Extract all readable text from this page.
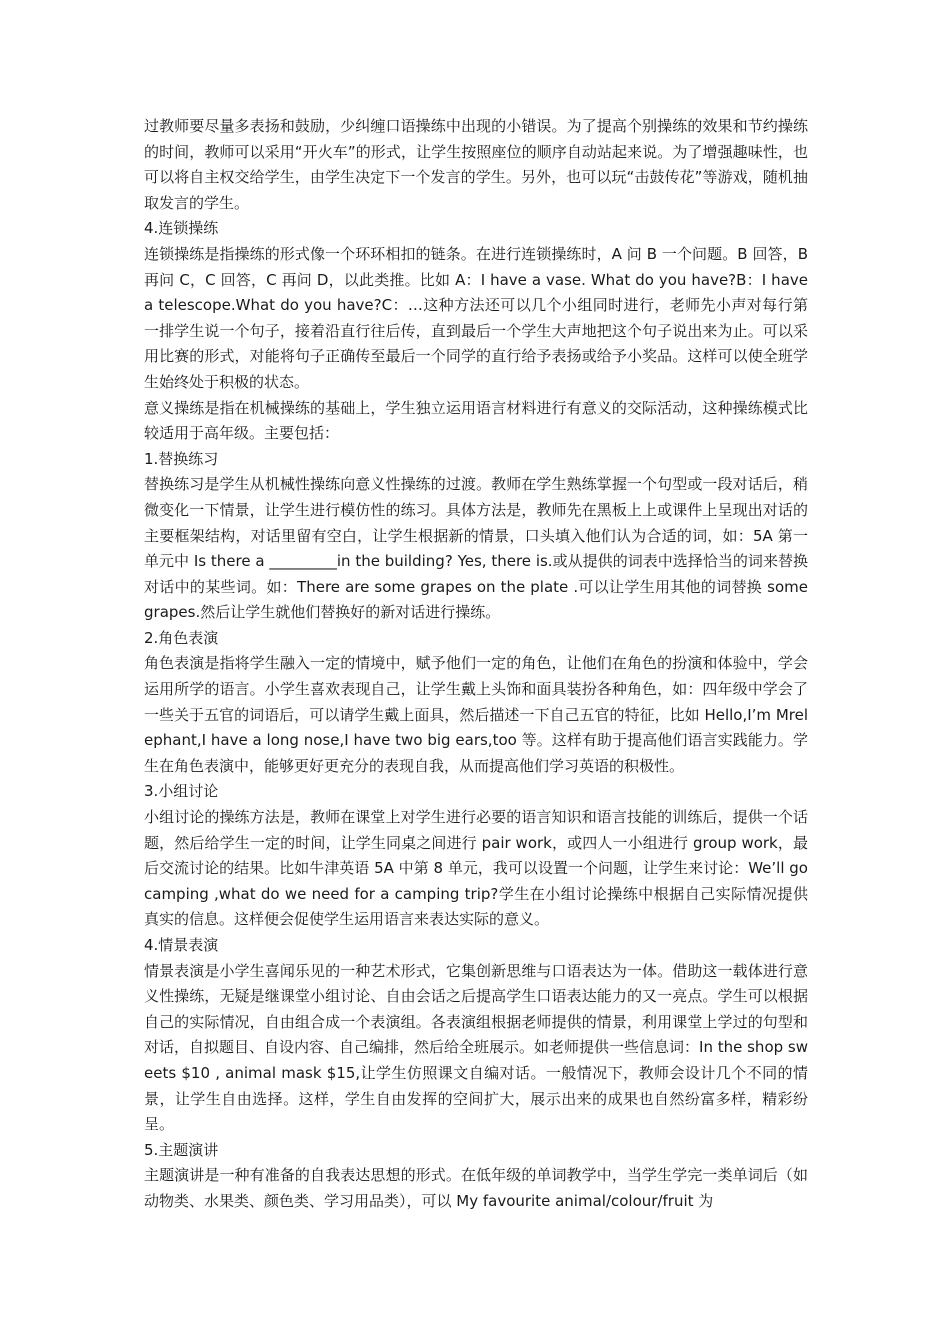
过教师要尽量多表扬和鼓励，少纠缠口语操练中出现的小错误。为了提高个别操练的效果和节约操练的时间，教师可以采用“开火车”的形式，让学生按照座位的顺序自动站起来说。为了增强趣味性，也可以将自主权交给学生，由学生决定下一个发言的学生。另外，也可以玩“击鼓传花”等游戏，随机抽取发言的学生。

4.连锁操练

连锁操练是指操练的形式像一个环环相扣的链条。在进行连锁操练时，A 问 B 一个问题。B 回答，B 再问 C，C 回答，C 再问 D，以此类推。比如 A：I have a vase. What do you have?B：I have a telescope.What do you have?C：…这种方法还可以几个小组同时进行，老师先小声对每行第一排学生说一个句子，接着沿直行往后传，直到最后一个学生大声地把这个句子说出来为止。可以采用比赛的形式，对能将句子正确传至最后一个同学的直行给予表扬或给予小奖品。这样可以使全班学生始终处于积极的状态。

意义操练是指在机械操练的基础上，学生独立运用语言材料进行有意义的交际活动，这种操练模式比较适用于高年级。主要包括：

1.替换练习

替换练习是学生从机械性操练向意义性操练的过渡。教师在学生熟练掌握一个句型或一段对话后，稍微变化一下情景，让学生进行模仿性的练习。具体方法是，教师先在黑板上上或课件上呈现出对话的主要框架结构，对话里留有空白，让学生根据新的情景，口头填入他们认为合适的词，如：5A 第一单元中 Is there a _________in the building? Yes, there is.或从提供的词表中选择恰当的词来替换对话中的某些词。如：There are some grapes on the plate .可以让学生用其他的词替换 some grapes.然后让学生就他们替换好的新对话进行操练。

2.角色表演

角色表演是指将学生融入一定的情境中，赋予他们一定的角色，让他们在角色的扮演和体验中，学会运用所学的语言。小学生喜欢表现自己，让学生戴上头饰和面具装扮各种角色，如：四年级中学会了一些关于五官的词语后，可以请学生戴上面具，然后描述一下自己五官的特征，比如 Hello,I’m Mrelephant,I have a long nose,I have two big ears,too 等。这样有助于提高他们语言实践能力。学生在角色表演中，能够更好更充分的表现自我，从而提高他们学习英语的积极性。

3.小组讨论

小组讨论的操练方法是，教师在课堂上对学生进行必要的语言知识和语言技能的训练后，提供一个话题，然后给学生一定的时间，让学生同桌之间进行 pair work，或四人一小组进行 group work，最后交流讨论的结果。比如牛津英语 5A 中第 8 单元，我可以设置一个问题，让学生来讨论：We’ll go camping ,what do we need for a camping trip?学生在小组讨论操练中根据自己实际情况提供真实的信息。这样便会促使学生运用语言来表达实际的意义。

4.情景表演

情景表演是小学生喜闻乐见的一种艺术形式，它集创新思维与口语表达为一体。借助这一载体进行意义性操练，无疑是继课堂小组讨论、自由会话之后提高学生口语表达能力的又一亮点。学生可以根据自己的实际情况，自由组合成一个表演组。各表演组根据老师提供的情景，利用课堂上学过的句型和对话，自拟题目、自设内容、自己编排，然后给全班展示。如老师提供一些信息词：In the shop sweets $10 , animal mask $15,让学生仿照课文自编对话。一般情况下，教师会设计几个不同的情景，让学生自由选择。这样，学生自由发挥的空间扩大，展示出来的成果也自然纷富多样，精彩纷呈。

5.主题演讲

主题演讲是一种有准备的自我表达思想的形式。在低年级的单词教学中，当学生学完一类单词后（如动物类、水果类、颜色类、学习用品类），可以 My favourite animal/colour/fruit 为
